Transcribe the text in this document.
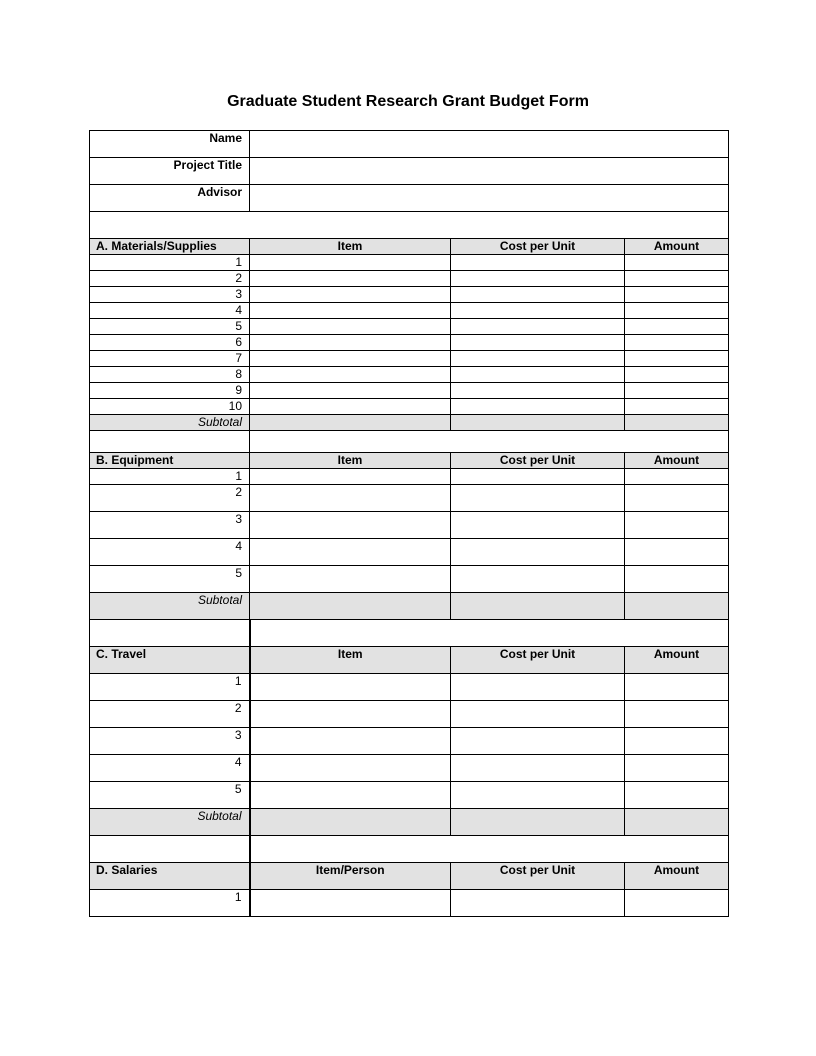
Graduate Student Research Grant Budget Form
Name			
Project Title			
Advisor			

A. Materials/Supplies	Item	Cost per Unit	Amount
1			
2			
3			
4			
5			
6			
7			
8			
9			
10			
Subtotal			

B. Equipment	Item	Cost per Unit	Amount
1			
2			
3			
4			
5			
Subtotal			

C. Travel	Item	Cost per Unit	Amount
1			
2			
3			
4			
5			
Subtotal			

D. Salaries	Item/Person	Cost per Unit	Amount
1			
